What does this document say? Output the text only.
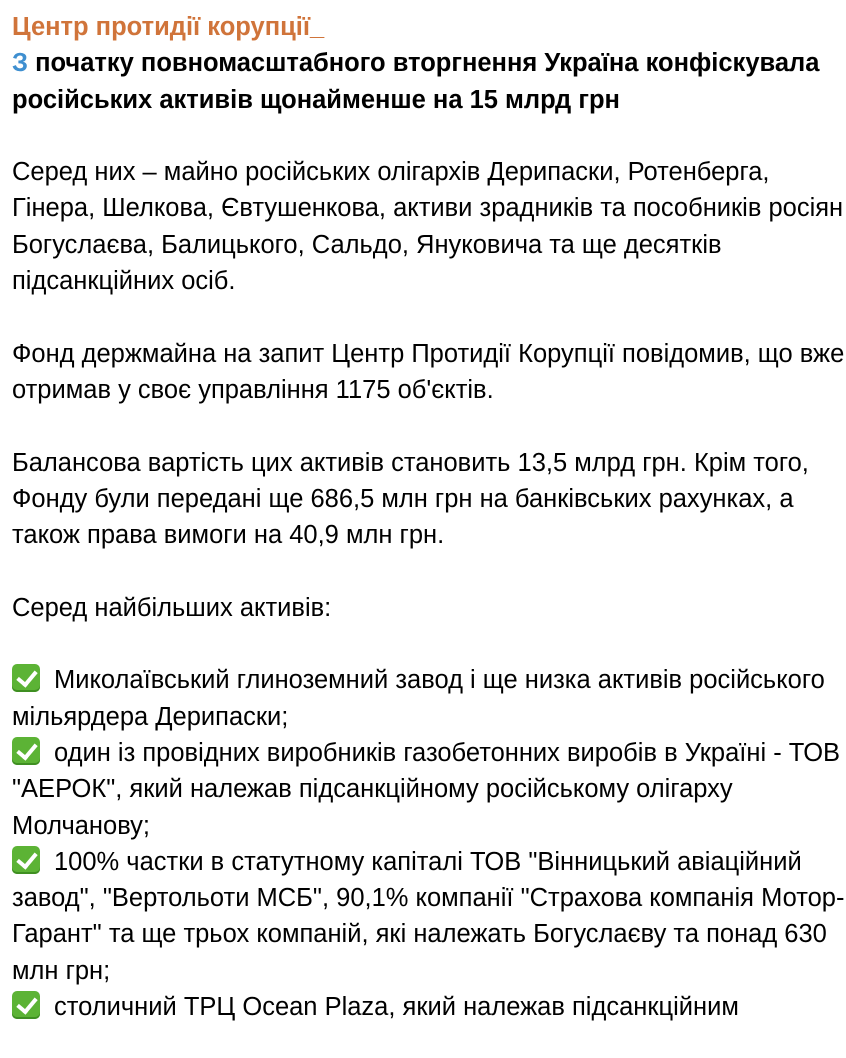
Центр протидії корупції_
З початку повномасштабного вторгнення Україна конфіскувала російських активів щонайменше на 15 млрд грн
Серед них – майно російських олігархів Дерипаски, Ротенберга, Гінера, Шелкова, Євтушенкова, активи зрадників та пособників росіян Богуслаєва, Балицького, Сальдо, Януковича та ще десятків підсанкційних осіб.
Фонд держмайна на запит Центр Протидії Корупції повідомив, що вже отримав у своє управління 1175 об'єктів.
Балансова вартість цих активів становить 13,5 млрд грн. Крім того, Фонду були передані ще 686,5 млн грн на банківських рахунках, а також права вимоги на 40,9 млн грн.
Серед найбільших активів:
Миколаївський глиноземний завод і ще низка активів російського мільярдера Дерипаски;
один із провідних виробників газобетонних виробів в Україні - ТОВ "АЕРОК", який належав підсанкційному російському олігарху Молчанову;
100% частки в статутному капіталі ТОВ "Вінницький авіаційний завод", "Вертольоти МСБ", 90,1% компанії "Страхова компанія Мотор-Гарант" та ще трьох компаній, які належать Богуслаєву та понад 630 млн грн;
столичний ТРЦ Ocean Plaza, який належав підсанкційним
